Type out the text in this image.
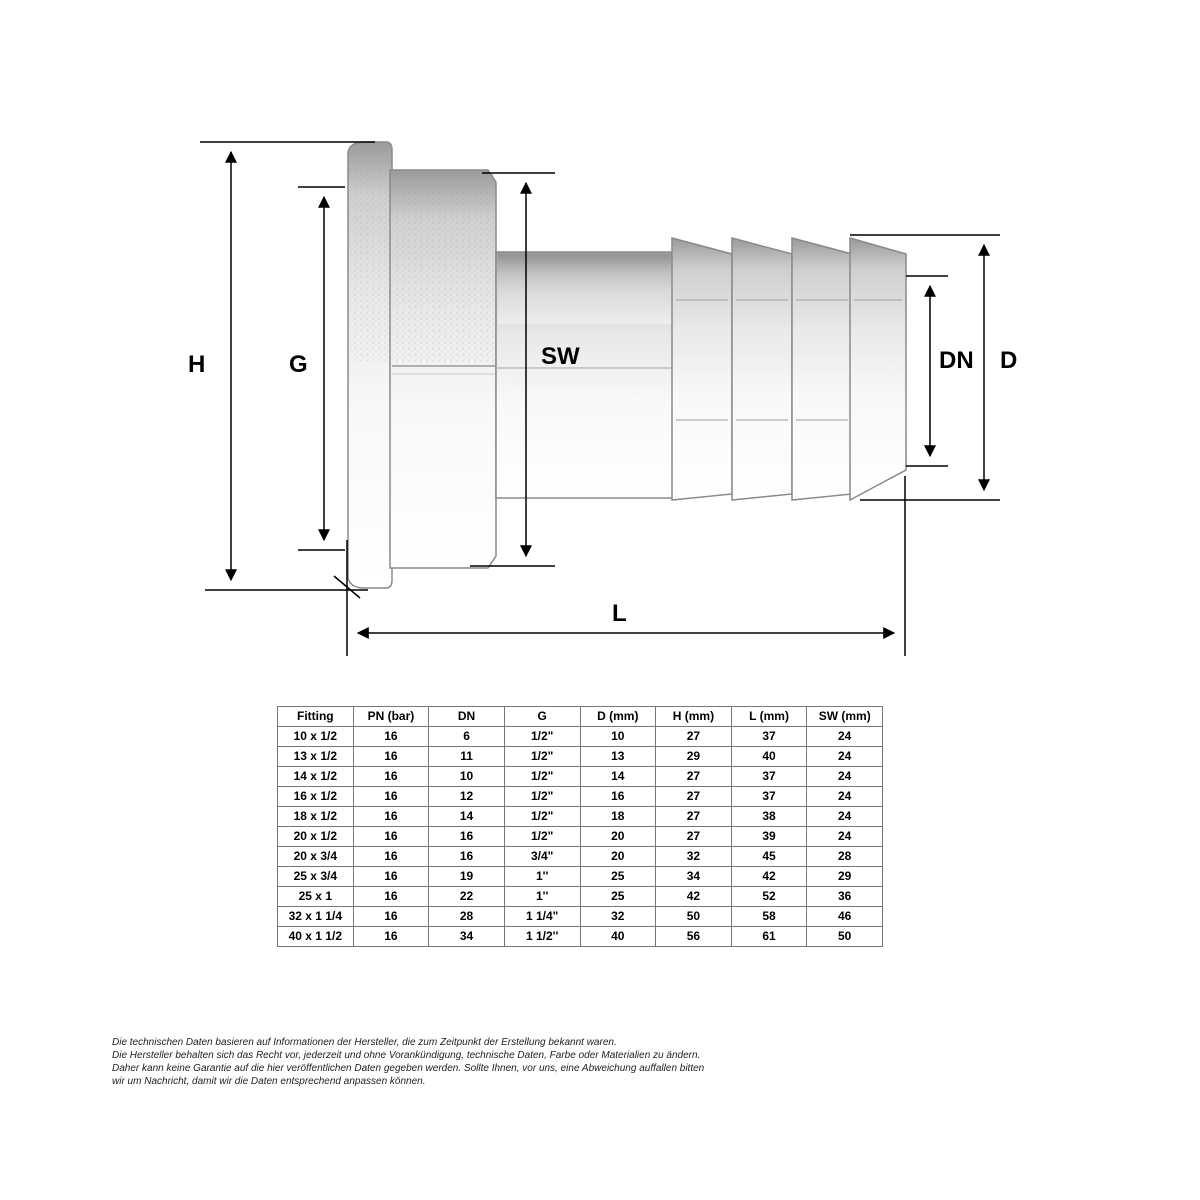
H	G	SW	DN D
L
Fitting	PN (bar)	DN	G	D (mm)	H (mm)	L (mm)	SW (mm)
10 x 1/2	16	6	1/2"	10	27	37	24
13 x 1/2	16	11	1/2"	13	29	40	24
14 x 1/2	16	10	1/2"	14	27	37	24
16 x 1/2	16	12	1/2"	16	27	37	24
18 x 1/2	16	14	1/2"	18	27	38	24
20 x 1/2	16	16	1/2"	20	27	39	24
20 x 3/4	16	16	3/4"	20	32	45	28
25 x 3/4	16	19	1''	25	34	42	29
25 x 1	16	22	1''	25	42	52	36
32 x 1 1/4	16	28	1 1/4"	32	50	58	46
40 x 1 1/2	16	34	1 1/2''	40	56	61	50

Die technischen Daten basieren auf Informationen der Hersteller, die zum Zeitpunkt der Erstellung bekannt waren.

Die Hersteller behalten sich das Recht vor, jederzeit und ohne Vorankündigung, technische Daten, Farbe oder Materialien zu ändern.

Daher kann keine Garantie auf die hier veröffentlichen Daten gegeben werden. Sollte Ihnen, vor uns, eine Abweichung auffallen bitten

wir um Nachricht, damit wir die Daten entsprechend anpassen können.
